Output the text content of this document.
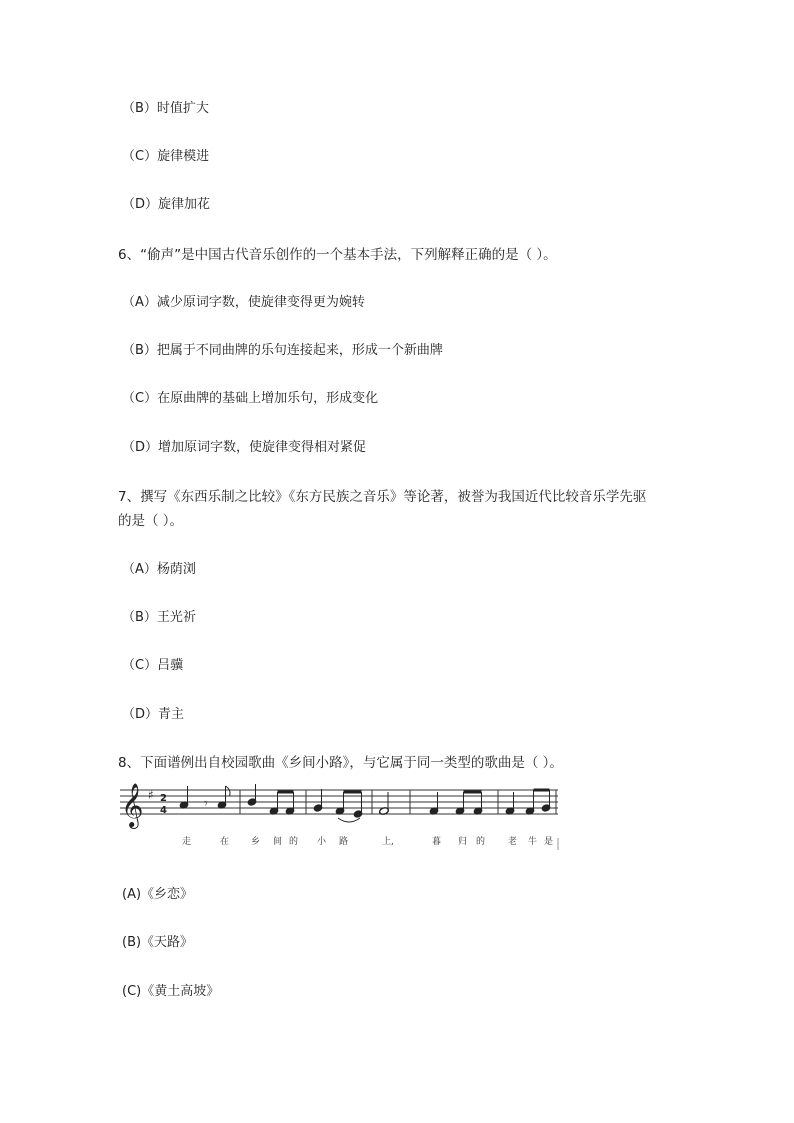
（B）时值扩大
（C）旋律模进
（D）旋律加花
6、“偷声”是中国古代音乐创作的一个基本手法，下列解释正确的是（ ）。
（A）减少原词字数，使旋律变得更为婉转
（B）把属于不同曲牌的乐句连接起来，形成一个新曲牌
（C）在原曲牌的基础上增加乐句，形成变化
（D）增加原词字数，使旋律变得相对紧促
7、撰写《东西乐制之比较》《东方民族之音乐》等论著，被誉为我国近代比较音乐学先驱
的是（ ）。
（A）杨荫浏
（B）王光祈
（C）吕骥
（D）青主
8、下面谱例出自校园歌曲《乡间小路》，与它属于同一类型的歌曲是（ ）。
𝄞 ♯ 2
4	𝄾
走	在 乡 间 的 小 路	上,	暮 归 的	老 牛 是
(A)《乡恋》
(B)《天路》
(C)《黄土高坡》
